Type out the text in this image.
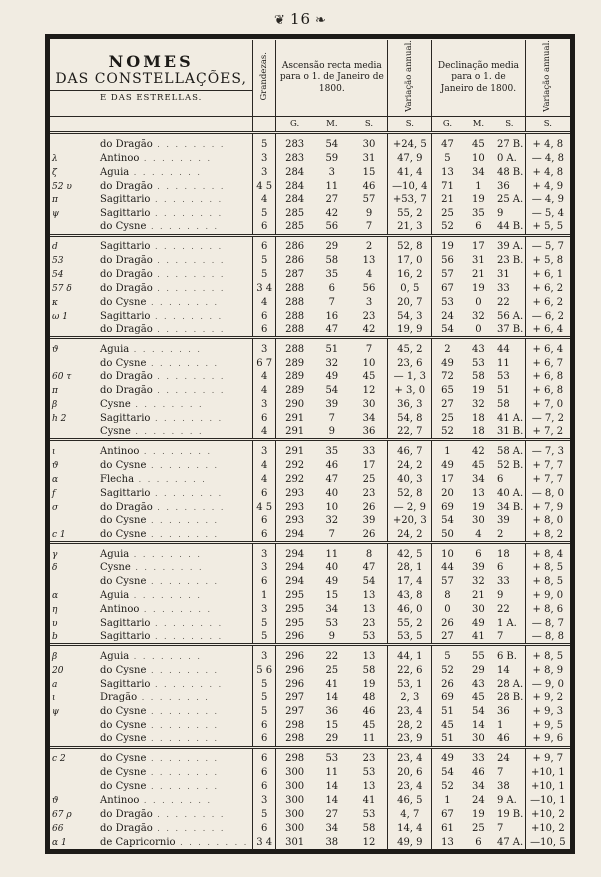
❦ 16 ❧
NOMES
DAS CONSTELLAÇÕES,
E DAS ESTRELLAS.	Grandezas.	Ascensão recta media para o 1. de Janeiro de 1800.			Variação annual.	Declinação media para o 1. de Janeiro de 1800.			Variação annual.
		G.	M.	S.	S.	G.	M.	S.	S.

do Dragão . . . . . . . .	5	283	54	30	+24, 5	47	45	27 B.	+ 4, 8
λ Antinoo . . . . . . . .	3	283	59	31	47, 9	5	10	0 A.	— 4, 8
ζ Aguia . . . . . . . .	3	284	3	15	41, 4	13	34	48 B.	+ 4, 8
52 υ do Dragão . . . . . . . .	4 5	284	11	46	—10, 4	71	1	36	+ 4, 9
π Sagittario . . . . . . . .	4	284	27	57	+53, 7	21	19	25 A.	— 4, 9
ψ Sagittario . . . . . . . .	5	285	42	9	55, 2	25	35	9	— 5, 4
do Cysne . . . . . . . .	6	285	56	7	21, 3	52	6	44 B.	+ 5, 5

d Sagittario . . . . . . . .	6	286	29	2	52, 8	19	17	39 A.	— 5, 7
53 do Dragão . . . . . . . .	5	286	58	13	17, 0	56	31	23 B.	+ 5, 8
54 do Dragão . . . . . . . .	5	287	35	4	16, 2	57	21	31	+ 6, 1
57 δ do Dragão . . . . . . . .	3 4	288	6	56	0, 5	67	19	33	+ 6, 2
κ do Cysne . . . . . . . .	4	288	7	3	20, 7	53	0	22	+ 6, 2
ω 1 Sagittario . . . . . . . .	6	288	16	23	54, 3	24	32	56 A.	— 6, 2
do Dragão . . . . . . . .	6	288	47	42	19, 9	54	0	37 B.	+ 6, 4

ϑ Aguia . . . . . . . .	3	288	51	7	45, 2	2	43	44	+ 6, 4
do Cysne . . . . . . . .	6 7	289	32	10	23, 6	49	53	11	+ 6, 7
60 τ do Dragão . . . . . . . .	4	289	49	45	— 1, 3	72	58	53	+ 6, 8
π do Dragão . . . . . . . .	4	289	54	12	+ 3, 0	65	19	51	+ 6, 8
β Cysne . . . . . . . .	3	290	39	30	36, 3	27	32	58	+ 7, 0
h 2 Sagittario . . . . . . . .	6	291	7	34	54, 8	25	18	41 A.	— 7, 2
Cysne . . . . . . . .	4	291	9	36	22, 7	52	18	31 B.	+ 7, 2

ι Antinoo . . . . . . . .	3	291	35	33	46, 7	1	42	58 A.	— 7, 3
ϑ do Cysne . . . . . . . .	4	292	46	17	24, 2	49	45	52 B.	+ 7, 7
α Flecha . . . . . . . .	4	292	47	25	40, 3	17	34	6	+ 7, 7
f Sagittario . . . . . . . .	6	293	40	23	52, 8	20	13	40 A.	— 8, 0
σ do Dragão . . . . . . . .	4 5	293	10	26	— 2, 9	69	19	34 B.	+ 7, 9
do Cysne . . . . . . . .	6	293	32	39	+20, 3	54	30	39	+ 8, 0
c 1 do Cysne . . . . . . . .	6	294	7	26	24, 2	50	4	2	+ 8, 2

γ Aguia . . . . . . . .	3	294	11	8	42, 5	10	6	18	+ 8, 4
δ Cysne . . . . . . . .	3	294	40	47	28, 1	44	39	6	+ 8, 5
do Cysne . . . . . . . .	6	294	49	54	17, 4	57	32	33	+ 8, 5
α Aguia . . . . . . . .	1	295	15	13	43, 8	8	21	9	+ 9, 0
η Antinoo . . . . . . . .	3	295	34	13	46, 0	0	30	22	+ 8, 6
υ Sagittario . . . . . . . .	5	295	53	23	55, 2	26	49	1 A.	— 8, 7
b Sagittario . . . . . . . .	5	296	9	53	53, 5	27	41	7	— 8, 8

β Aguia . . . . . . . .	3	296	22	13	44, 1	5	55	6 B.	+ 8, 5
20 do Cysne . . . . . . . .	5 6	296	25	58	22, 6	52	29	14	+ 8, 9
a Sagittario . . . . . . . .	5	296	41	19	53, 1	26	43	28 A.	— 9, 0
ι Dragão . . . . . . . .	5	297	14	48	2, 3	69	45	28 B.	+ 9, 2
ψ do Cysne . . . . . . . .	5	297	36	46	23, 4	51	54	36	+ 9, 3
do Cysne . . . . . . . .	6	298	15	45	28, 2	45	14	1	+ 9, 5
do Cysne . . . . . . . .	6	298	29	11	23, 9	51	30	46	+ 9, 6

c 2 do Cysne . . . . . . . .	6	298	53	23	23, 4	49	33	24	+ 9, 7
de Cysne . . . . . . . .	6	300	11	53	20, 6	54	46	7	+10, 1
do Cysne . . . . . . . .	6	300	14	13	23, 4	52	34	38	+10, 1
ϑ Antinoo . . . . . . . .	3	300	14	41	46, 5	1	24	9 A.	—10, 1
67 ρ do Dragão . . . . . . . .	5	300	27	53	4, 7	67	19	19 B.	+10, 2
66 do Dragão . . . . . . . .	6	300	34	58	14, 4	61	25	7	+10, 2
α 1 de Capricornio . . . . . . . .	3 4	301	38	12	49, 9	13	6	47 A.	—10, 5
